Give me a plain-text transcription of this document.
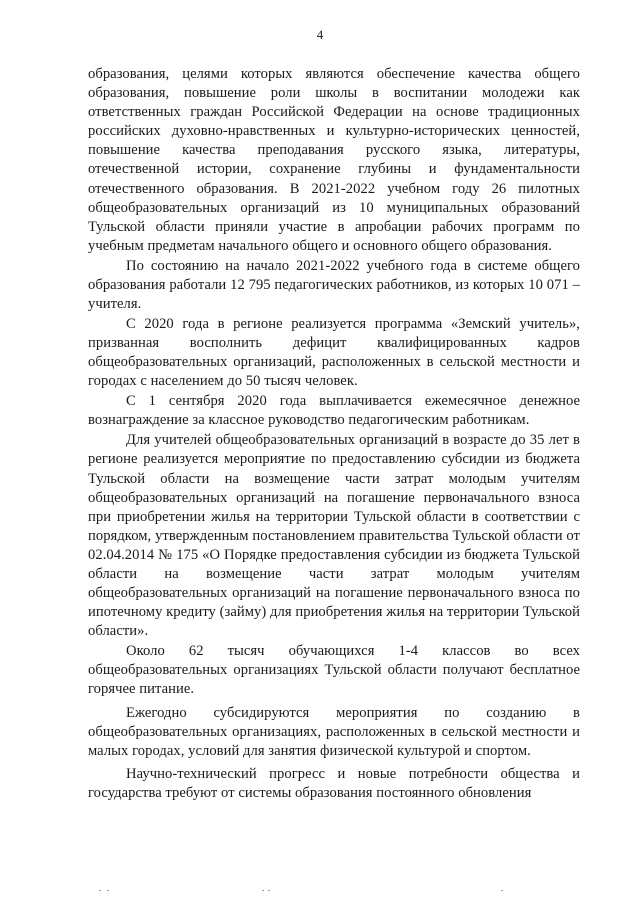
4

образования, целями которых являются обеспечение качества общего образования, повышение роли школы в воспитании молодежи как ответственных граждан Российской Федерации на основе традиционных российских духовно-нравственных и культурно-исторических ценностей, повышение качества преподавания русского языка, литературы, отечественной истории, сохранение глубины и фундаментальности отечественного образования. В 2021-2022 учебном году 26 пилотных общеобразовательных организаций из 10 муниципальных образований Тульской области приняли участие в апробации рабочих программ по учебным предметам начального общего и основного общего образования.

По состоянию на начало 2021-2022 учебного года в системе общего образования работали 12 795 педагогических работников, из которых 10 071 – учителя.

С 2020 года в регионе реализуется программа «Земский учитель», призванная восполнить дефицит квалифицированных кадров общеобразовательных организаций, расположенных в сельской местности и городах с населением до 50 тысяч человек.

С 1 сентября 2020 года выплачивается ежемесячное денежное вознаграждение за классное руководство педагогическим работникам.

Для учителей общеобразовательных организаций в возрасте до 35 лет в регионе реализуется мероприятие по предоставлению субсидии из бюджета Тульской области на возмещение части затрат молодым учителям общеобразовательных организаций на погашение первоначального взноса при приобретении жилья на территории Тульской области в соответствии с порядком, утвержденным постановлением правительства Тульской области от 02.04.2014 № 175 «О Порядке предоставления субсидии из бюджета Тульской области на возмещение части затрат молодым учителям общеобразовательных организаций на погашение первоначального взноса по ипотечному кредиту (займу) для приобретения жилья на территории Тульской области».

Около 62 тысяч обучающихся 1-4 классов во всех общеобразовательных организациях Тульской области получают бесплатное горячее питание.

Ежегодно субсидируются мероприятия по созданию в общеобразовательных организациях, расположенных в сельской местности и малых городах, условий для занятия физической культурой и спортом.

Научно-технический прогресс и новые потребности общества и государства требуют от системы образования постоянного обновления
